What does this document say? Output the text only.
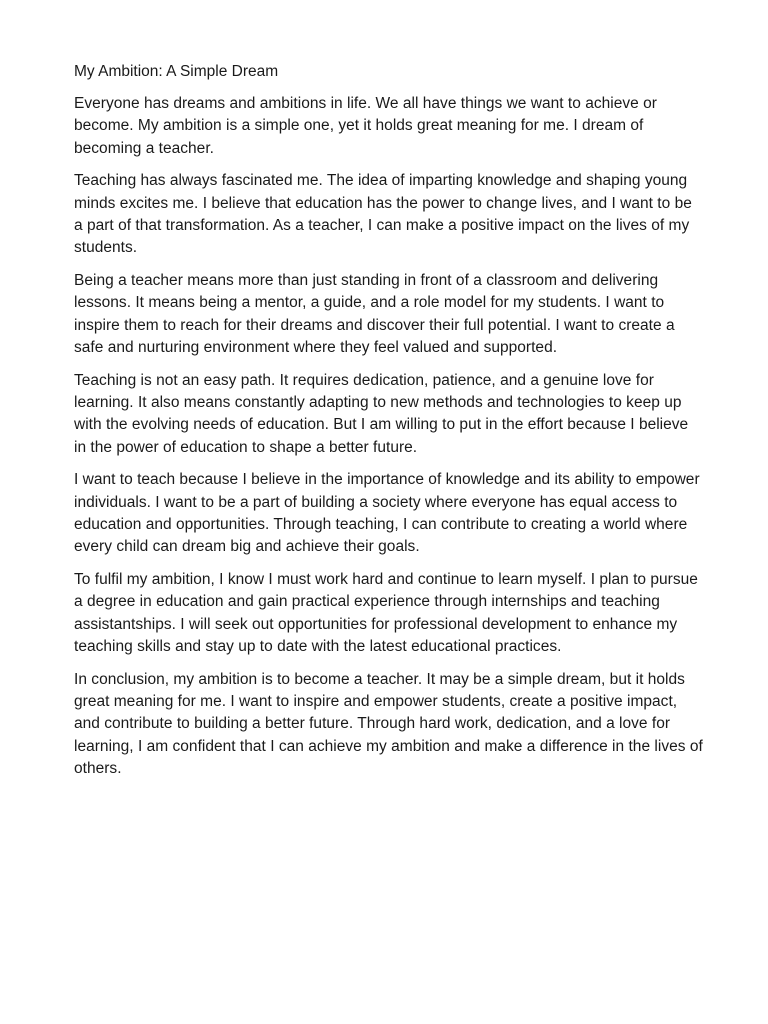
My Ambition: A Simple Dream

Everyone has dreams and ambitions in life. We all have things we want to achieve or become. My ambition is a simple one, yet it holds great meaning for me. I dream of becoming a teacher.

Teaching has always fascinated me. The idea of imparting knowledge and shaping young minds excites me. I believe that education has the power to change lives, and I want to be a part of that transformation. As a teacher, I can make a positive impact on the lives of my students.

Being a teacher means more than just standing in front of a classroom and delivering lessons. It means being a mentor, a guide, and a role model for my students. I want to inspire them to reach for their dreams and discover their full potential. I want to create a safe and nurturing environment where they feel valued and supported.

Teaching is not an easy path. It requires dedication, patience, and a genuine love for learning. It also means constantly adapting to new methods and technologies to keep up with the evolving needs of education. But I am willing to put in the effort because I believe in the power of education to shape a better future.

I want to teach because I believe in the importance of knowledge and its ability to empower individuals. I want to be a part of building a society where everyone has equal access to education and opportunities. Through teaching, I can contribute to creating a world where every child can dream big and achieve their goals.

To fulfil my ambition, I know I must work hard and continue to learn myself. I plan to pursue a degree in education and gain practical experience through internships and teaching assistantships. I will seek out opportunities for professional development to enhance my teaching skills and stay up to date with the latest educational practices.

In conclusion, my ambition is to become a teacher. It may be a simple dream, but it holds great meaning for me. I want to inspire and empower students, create a positive impact, and contribute to building a better future. Through hard work, dedication, and a love for learning, I am confident that I can achieve my ambition and make a difference in the lives of others.
